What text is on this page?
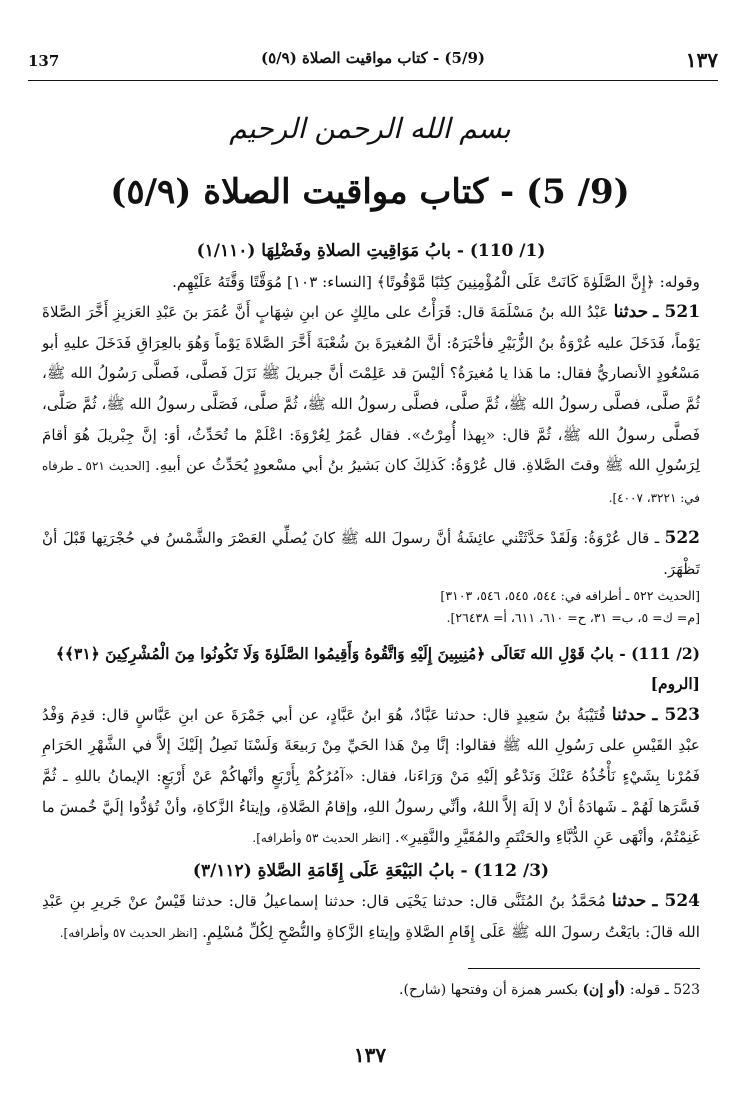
137	(5/9) - كتاب مواقيت الصلاة (٥/٩)	١٣٧
بسم الله الرحمن الرحيم
(9/ 5) - كتاب مواقيت الصلاة (٥/٩)

(1/ 110) - بابُ مَوَاقِيتِ الصلاةِ وفَضْلِهَا (١/١١٠)

وقوله: ﴿إِنَّ الصَّلَوٰةَ كَانَتْ عَلَى الْمُؤْمِنِينَ كِتَٰبًا مَّوْقُوتًا﴾ [النساء: ١٠٣] مُوَقَّتًا وَقَّتَهُ عَلَيْهِم.

521 ـ حدثنا عَبْدُ الله بنُ مَسْلَمَةَ قال: قَرَأْتُ على مالِكٍ عن ابنِ شِهَابٍ أَنَّ عُمَرَ بنَ عَبْدِ العَزيزِ أَخَّرَ الصَّلاةَ يَوْماً، فَدَخَلَ عليه عُرْوَةُ بنُ الزُّبَيْرِ فأخْبَرَهُ: أنَّ المُغيرَةَ بنَ شُعْبَةَ أَخَّرَ الصَّلاةَ يَوْماً وَهُوَ بالعِرَاقِ فَدَخَلَ عليهِ أبو مَسْعُودٍ الأنصاريُّ فقال: ما هَذا يا مُغيرَةُ؟ أليْسَ قد عَلِمْتَ أنَّ جبريلَ ﷺ نَزَلَ فَصلَّى، فَصلَّى رَسُولُ الله ﷺ، ثُمَّ صلَّى، فصلَّى رسولُ الله ﷺ، ثُمَّ صلَّى، فصلَّى رسولُ الله ﷺ، ثُمَّ صلَّى، فَصَلَّى رسولُ الله ﷺ، ثُمَّ صَلَّى، فَصلَّى رسولُ الله ﷺ، ثُمَّ قال: «بِهذا أُمِرْتُ». فقال عُمَرُ لِعُرْوَةَ: اعْلَمْ ما تُحَدِّثُ، أوَ: إنَّ جِبْريلَ هُوَ أقامَ لِرَسُولِ الله ﷺ وقتَ الصَّلاةِ. قال عُرْوَةُ: كَذلِكَ كان بَشيرُ بنُ أبي مسْعودٍ يُحَدِّثُ عن أبيهِ. [الحديث ٥٢١ ـ طرفاه في: ٣٢٢١، ٤٠٠٧].

522 ـ قال عُرْوَةُ: وَلَقَدْ حَدَّثَتْني عائِشَةُ أنَّ رسولَ الله ﷺ كانَ يُصلِّي العَصْرَ والشَّمْسُ في حُجْرَتِها قَبْلَ أنْ تَظْهَرَ.

[الحديث ٥٢٢ ـ أطرافه في: ٥٤٤، ٥٤٥، ٥٤٦، ٣١٠٣]

[م= ك= ٥، ب= ٣١، ح= ٦١٠، ٦١١، أ= ٢٦٤٣٨].

(2/ 111) - بابُ قَوْلِ الله تَعَالَى ﴿مُنِيبِينَ إِلَيْهِ وَاتَّقُوهُ وَأَقِيمُوا الصَّلَوٰةَ وَلَا تَكُونُوا مِنَ الْمُشْرِكِينَ ﴿٣١﴾﴾ [الروم]

523 ـ حدثنا قُتَيْبَةُ بنُ سَعِيدٍ قال: حدثنا عَبَّادٌ، هُوَ ابنُ عَبَّادٍ، عن أبي جَمْرَةَ عن ابنِ عَبَّاسٍ قال: قدِمَ وَفْدُ عبْدِ القَيْسِ على رَسُولِ الله ﷺ فقالوا: إنَّا مِنْ هَذا الحَيِّ مِنْ رَبيعَةَ وَلَسْنَا نَصِلُ إلَيْكَ إلاَّ في الشَّهْرِ الحَرَامِ فَمُرْنا بِشَيْءٍ نَأْخُذُهُ عَنْكَ وَنَدْعُو إلَيْهِ مَنْ وَرَاءَنا، فقال: «آمُرُكُمْ بِأَرْبَعٍ وأنْهاكُمْ عَنْ أَرْبَعٍ: الإيمانُ باللهِ ـ ثُمَّ فَسَّرَها لَهُمْ ـ شَهادَةُ أنْ لا إلَهَ إلاَّ اللهُ، وأنِّي رسولُ اللهِ، وإقامُ الصَّلاةِ، وإيتاءُ الزَّكاةِ، وأنْ تُؤدُّوا إلَيَّ خُمسَ ما غَنِمْتُمْ، وأنْهَى عَنِ الدُّبَّاءِ والحَنْتَمِ والمُقَيَّرِ والنَّقِيرِ». [انظر الحديث ٥٣ وأطرافه].

(3/ 112) - بابُ البَيْعَةِ عَلَى إِقَامَةِ الصَّلاةِ (٣/١١٢)

524 ـ حدثنا مُحَمَّدُ بنُ المُثَنَّى قال: حدثنا يَحْيَى قال: حدثنا إسماعيلُ قال: حدثنا قَيْسٌ عنْ جَريرِ بنِ عَبْدِ الله قالَ: بايَعْتُ رسولَ الله ﷺ عَلَى إِقَامِ الصَّلاةِ وإيتاءِ الزَّكاةِ والنُّصْحِ لِكُلِّ مُسْلِمٍ. [انظر الحديث ٥٧ وأطرافه].

523 ـ قوله: (أو إن) بكسر همزة أن وفتحها (شارح).
١٣٧
